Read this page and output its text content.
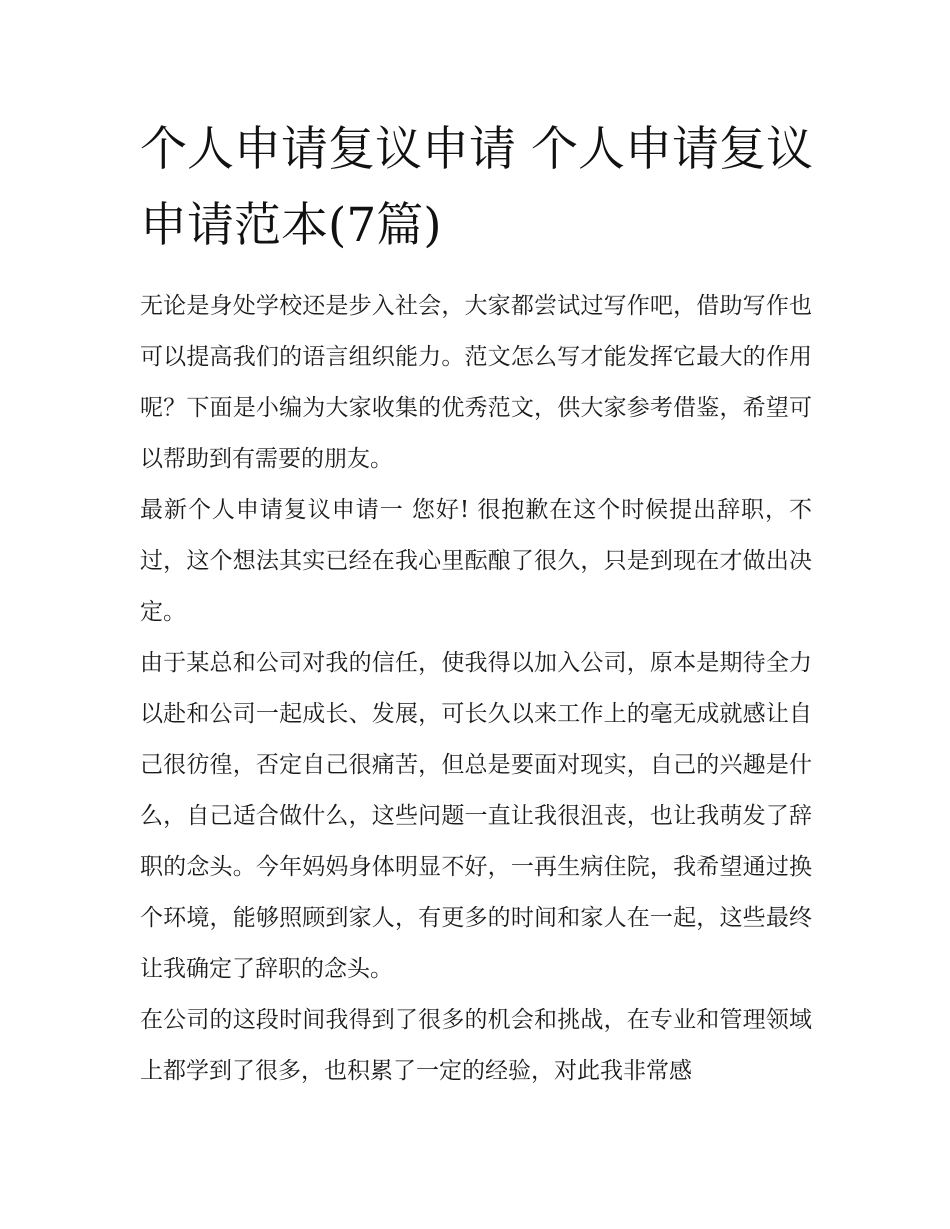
个人申请复议申请 个人申请复议申请范本(7篇)

无论是身处学校还是步入社会，大家都尝试过写作吧，借助写作也可以提高我们的语言组织能力。范文怎么写才能发挥它最大的作用呢？下面是小编为大家收集的优秀范文，供大家参考借鉴，希望可以帮助到有需要的朋友。

最新个人申请复议申请一 您好! 很抱歉在这个时候提出辞职，不过，这个想法其实已经在我心里酝酿了很久，只是到现在才做出决定。

由于某总和公司对我的信任，使我得以加入公司，原本是期待全力以赴和公司一起成长、发展，可长久以来工作上的毫无成就感让自己很彷徨，否定自己很痛苦，但总是要面对现实，自己的兴趣是什么，自己适合做什么，这些问题一直让我很沮丧，也让我萌发了辞职的念头。今年妈妈身体明显不好，一再生病住院，我希望通过换个环境，能够照顾到家人，有更多的时间和家人在一起，这些最终让我确定了辞职的念头。

在公司的这段时间我得到了很多的机会和挑战，在专业和管理领域上都学到了很多，也积累了一定的经验，对此我非常感
